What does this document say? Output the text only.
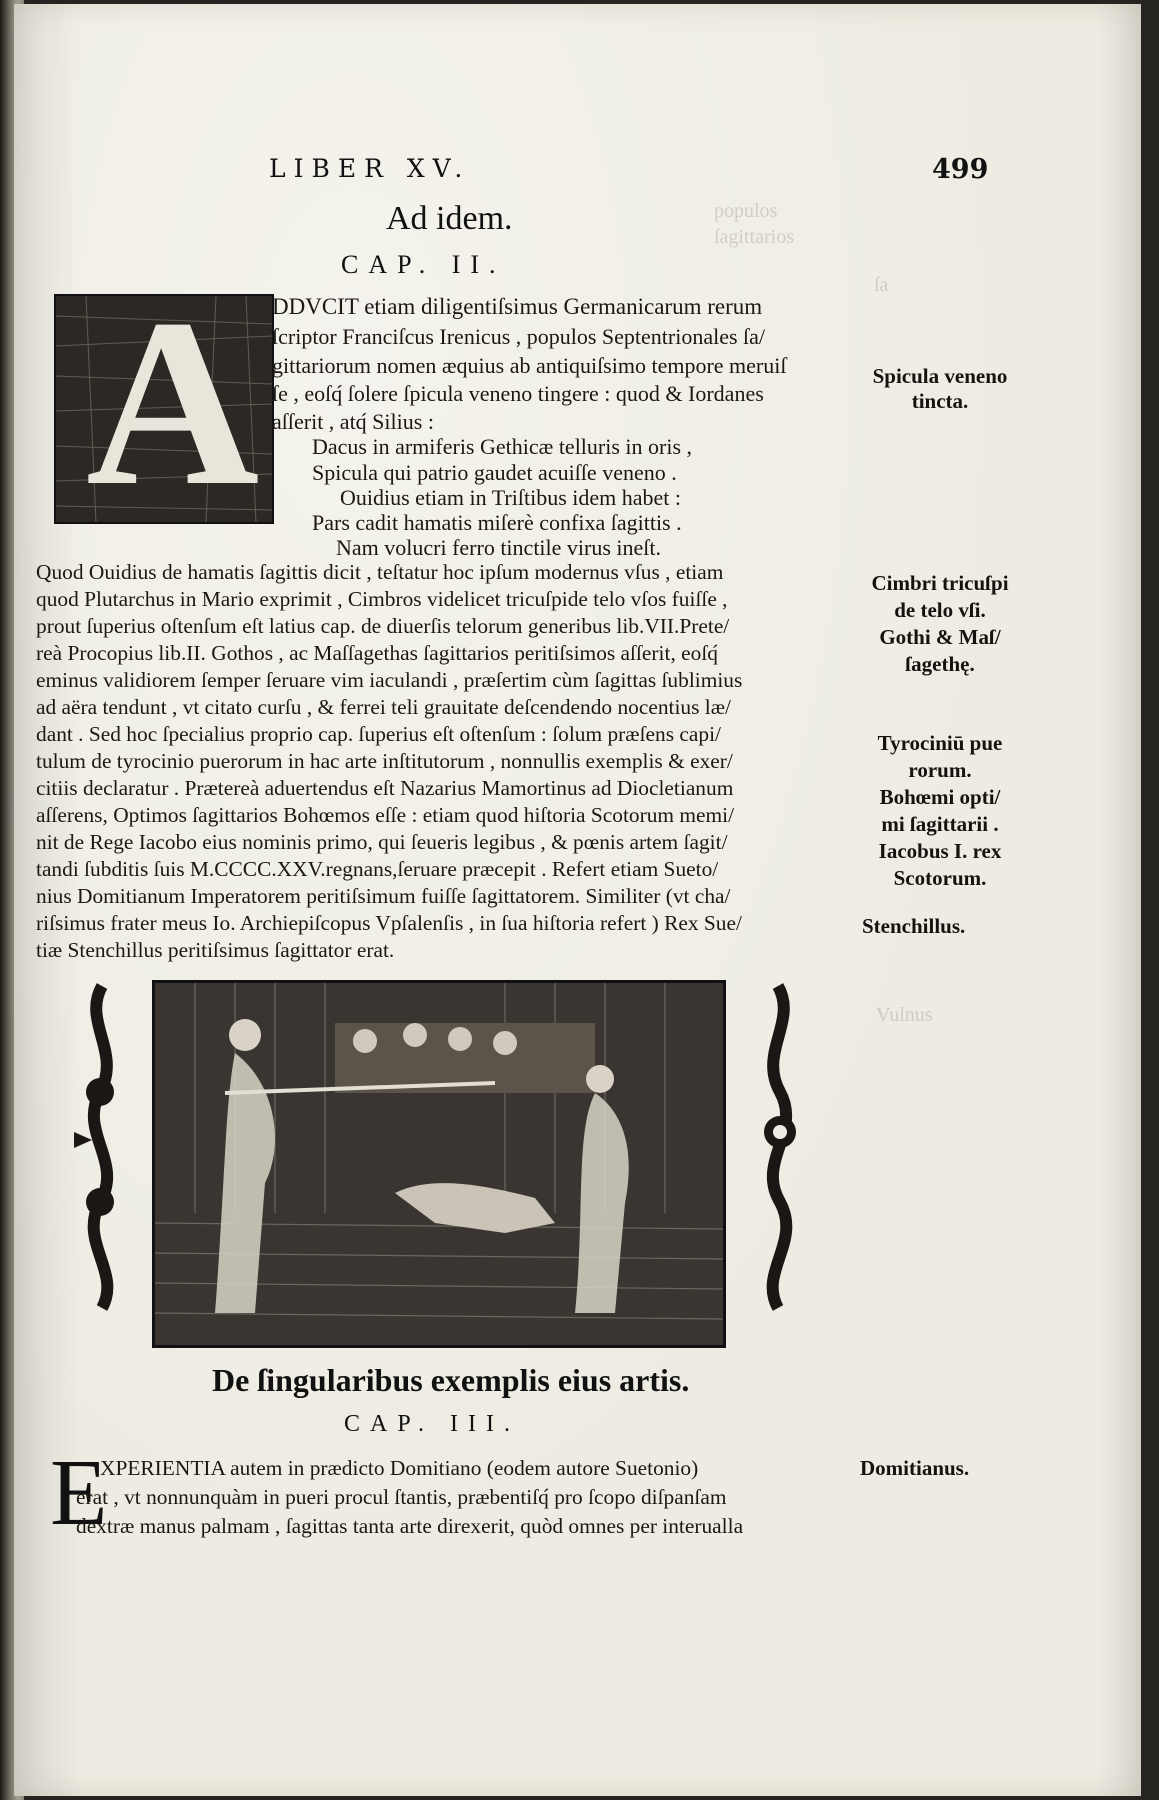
populos
ſagittarios
ſa
Vulnus
LIBER XV.	499
Ad idem.
CAP. II.
A DDVCIT etiam diligentiſsimus Germanicarum rerum
ſcriptor Franciſcus Irenicus , populos Septentrionales ſa/
gittariorum nomen æquius ab antiquiſsimo tempore meruiſ
ſe , eoſq́ ſolere ſpicula veneno tingere : quod & Iordanes
aſſerit , atq́ Silius :
Dacus in armiferis Gethicæ telluris in oris ,
Spicula qui patrio gaudet acuiſſe veneno .
Ouidius etiam in Triſtibus idem habet :
Pars cadit hamatis miſerè confixa ſagittis .
Nam volucri ferro tinctile virus ineſt.
Quod Ouidius de hamatis ſagittis dicit , teſtatur hoc ipſum modernus vſus , etiam
quod Plutarchus in Mario exprimit , Cimbros videlicet tricuſpide telo vſos fuiſſe ,
prout ſuperius oſtenſum eſt latius cap. de diuerſis telorum generibus lib.VII.Prete/
reà Procopius lib.II. Gothos , ac Maſſagethas ſagittarios peritiſsimos aſſerit, eoſq́
eminus validiorem ſemper ſeruare vim iaculandi , præſertim cùm ſagittas ſublimius
ad aëra tendunt , vt citato curſu , & ferrei teli grauitate deſcendendo nocentius læ/
dant . Sed hoc ſpecialius proprio cap. ſuperius eſt oſtenſum : ſolum præſens capi/
tulum de tyrocinio puerorum in hac arte inſtitutorum , nonnullis exemplis & exer/
citiis declaratur . Prætereà aduertendus eſt Nazarius Mamortinus ad Diocletianum
aſſerens, Optimos ſagittarios Bohœmos eſſe : etiam quod hiſtoria Scotorum memi/
nit de Rege Iacobo eius nominis primo, qui ſeueris legibus , & pœnis artem ſagit/
tandi ſubditis ſuis M.CCCC.XXV.regnans,ſeruare præcepit . Refert etiam Sueto/
nius Domitianum Imperatorem peritiſsimum fuiſſe ſagittatorem. Similiter (vt cha/
riſsimus frater meus Io. Archiepiſcopus Vpſalenſis , in ſua hiſtoria refert ) Rex Sue/
tiæ Stenchillus peritiſsimus ſagittator erat.
Spicula veneno
tincta.
Cimbri tricuſpi
de telo vſi.
Gothi & Maſ/
ſagethę.
Tyrociniū pue
rorum.
Bohœmi opti/
mi ſagittarii .
Iacobus I. rex
Scotorum.
Stenchillus.
De ſingularibus exemplis eius artis.
CAP. III.
E
XPERIENTIA autem in prædicto Domitiano (eodem autore Suetonio)
erat , vt nonnunquàm in pueri procul ſtantis, præbentiſq́ pro ſcopo diſpanſam
dextræ manus palmam , ſagittas tanta arte direxerit, quòd omnes per interualla
Domitianus.
